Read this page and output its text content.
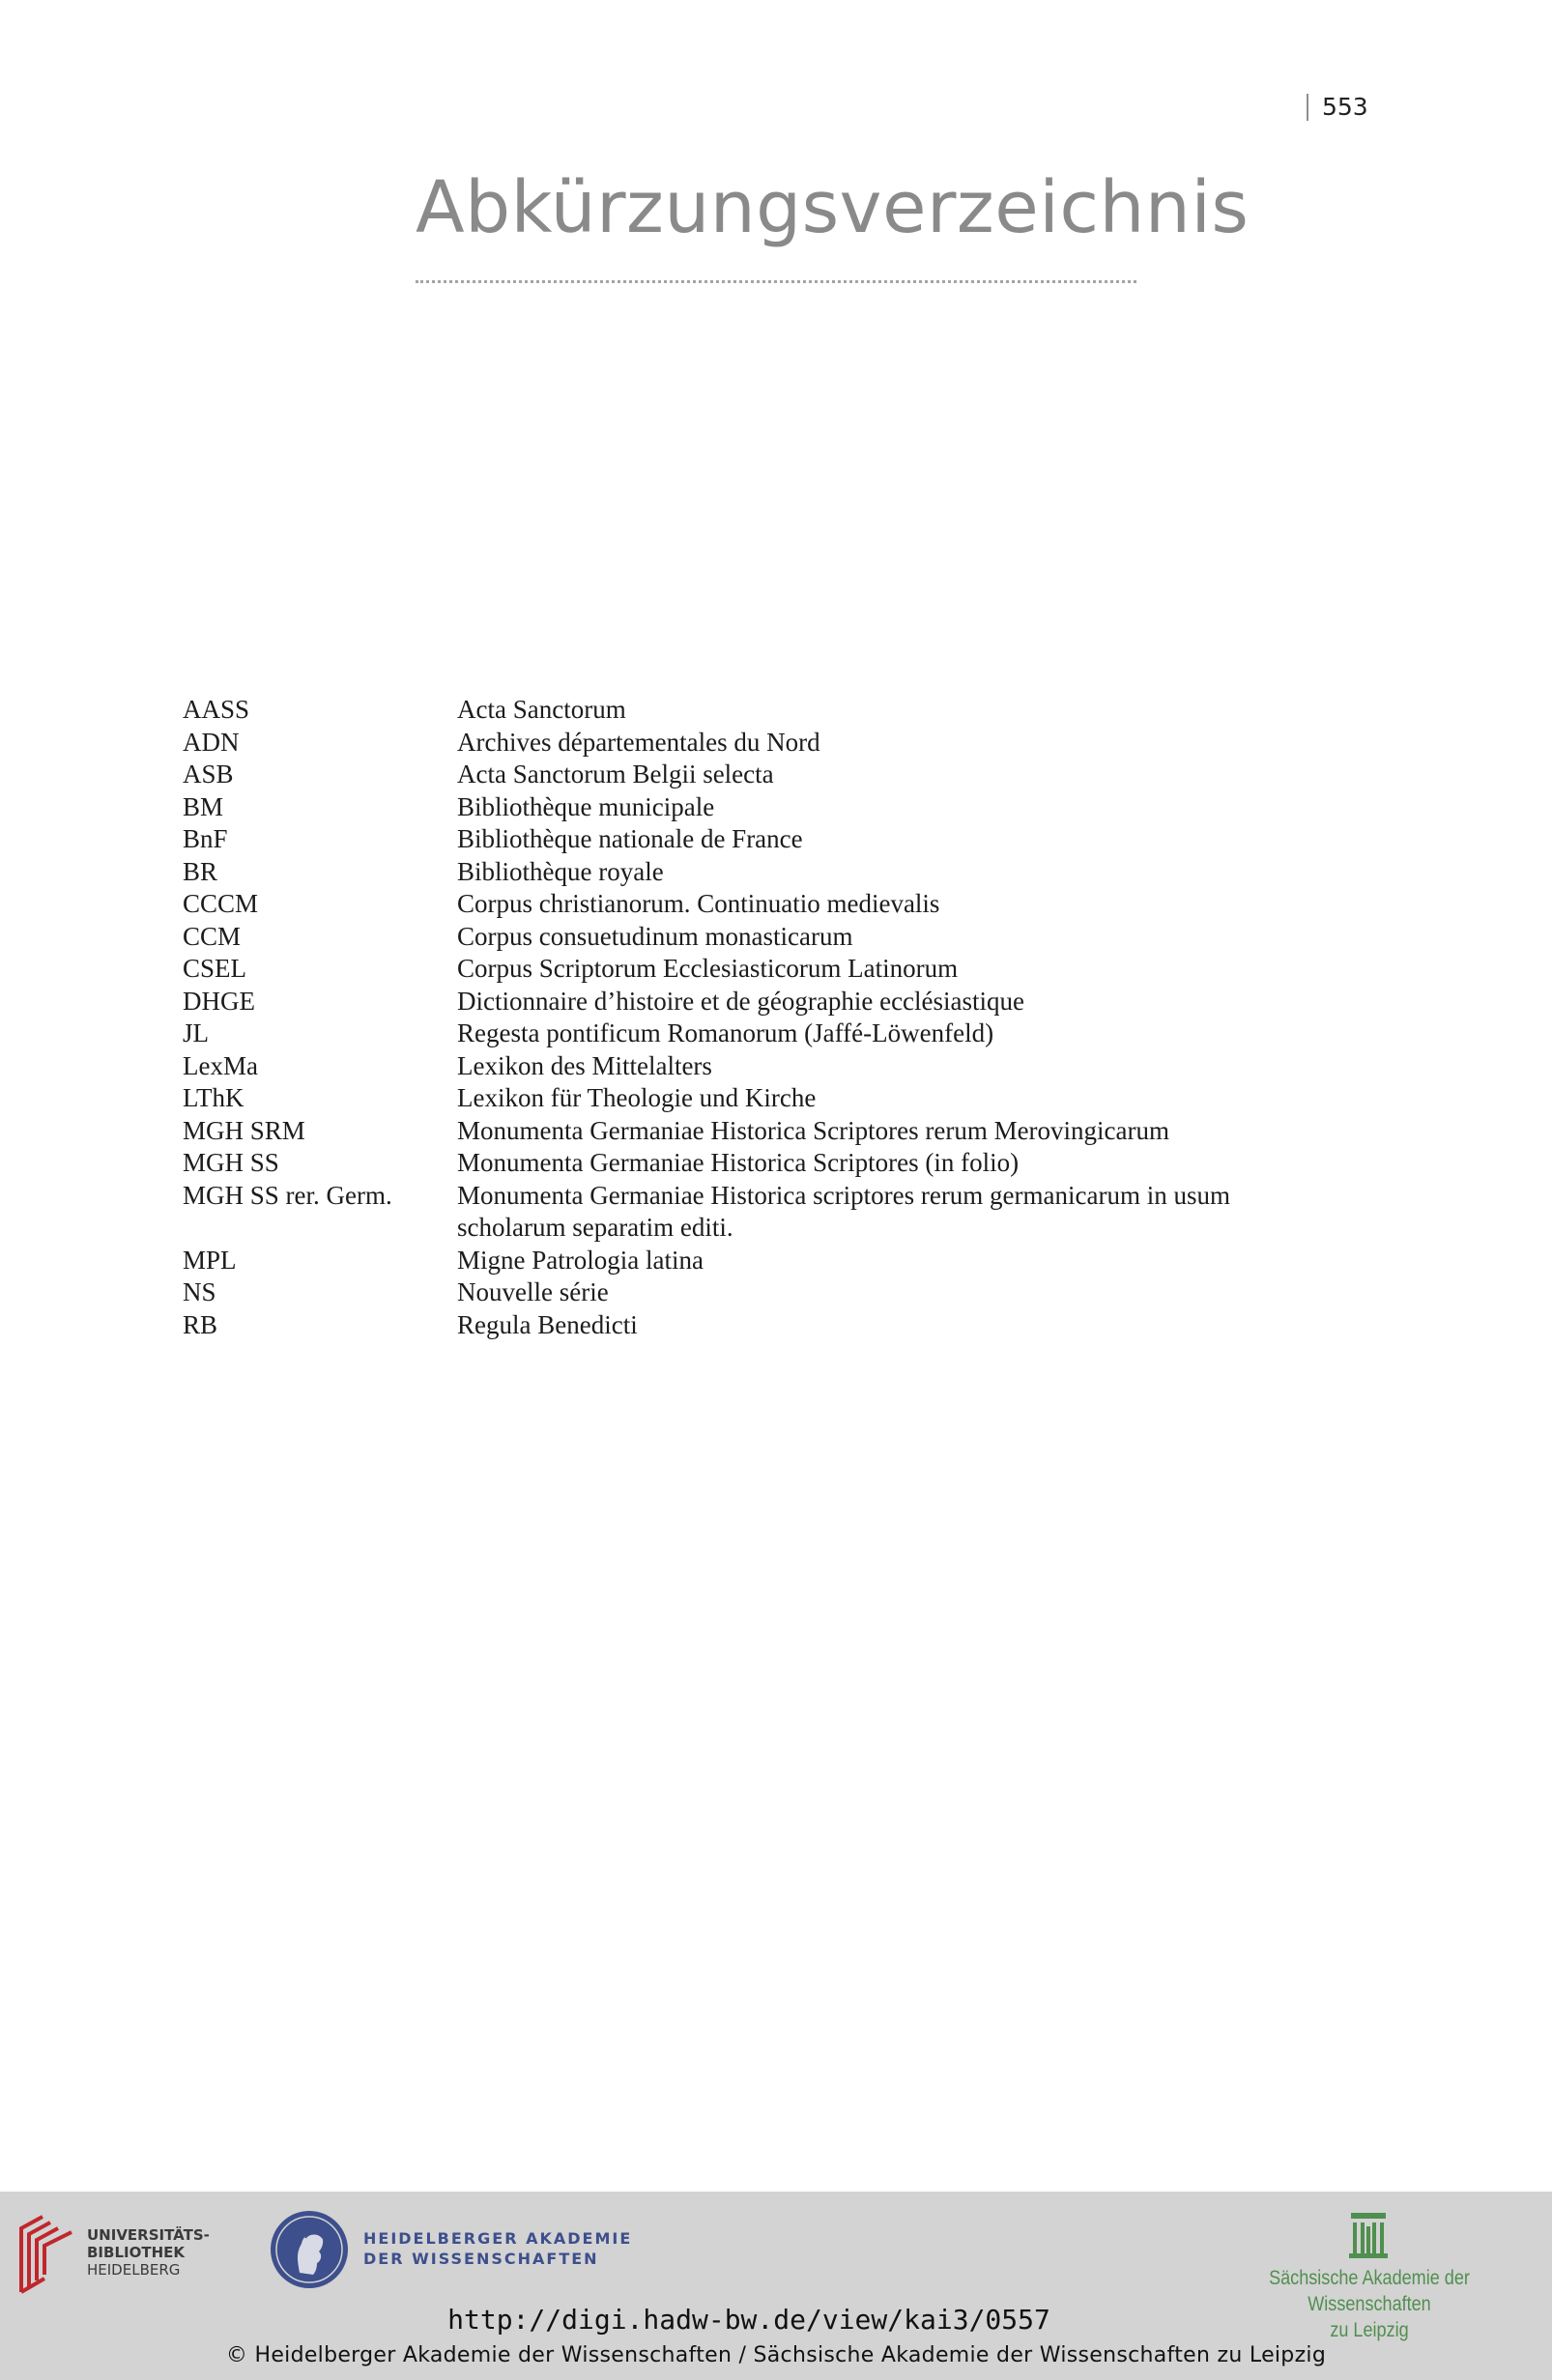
553
Abkürzungsverzeichnis
AASS	Acta Sanctorum
ADN	Archives départementales du Nord
ASB	Acta Sanctorum Belgii selecta
BM	Bibliothèque municipale
BnF	Bibliothèque nationale de France
BR	Bibliothèque royale
CCCM	Corpus christianorum. Continuatio medievalis
CCM	Corpus consuetudinum monasticarum
CSEL	Corpus Scriptorum Ecclesiasticorum Latinorum
DHGE	Dictionnaire d’histoire et de géographie ecclésiastique
JL	Regesta pontificum Romanorum (Jaffé-Löwenfeld)
LexMa	Lexikon des Mittelalters
LThK	Lexikon für Theologie und Kirche
MGH SRM	Monumenta Germaniae Historica Scriptores rerum Merovingicarum
MGH SS	Monumenta Germaniae Historica Scriptores (in folio)
MGH SS rer. Germ.	Monumenta Germaniae Historica scriptores rerum germanicarum in usum scholarum separatim editi.
MPL	Migne Patrologia latina
NS	Nouvelle série
RB	Regula Benedicti
UNIVERSITÄTS-
BIBLIOTHEK
HEIDELBERG
HEIDELBERGER AKADEMIE
DER WISSENSCHAFTEN
Sächsische Akademie der Wissenschaften
zu Leipzig
http://digi.hadw-bw.de/view/kai3/0557
© Heidelberger Akademie der Wissenschaften / Sächsische Akademie der Wissenschaften zu Leipzig
